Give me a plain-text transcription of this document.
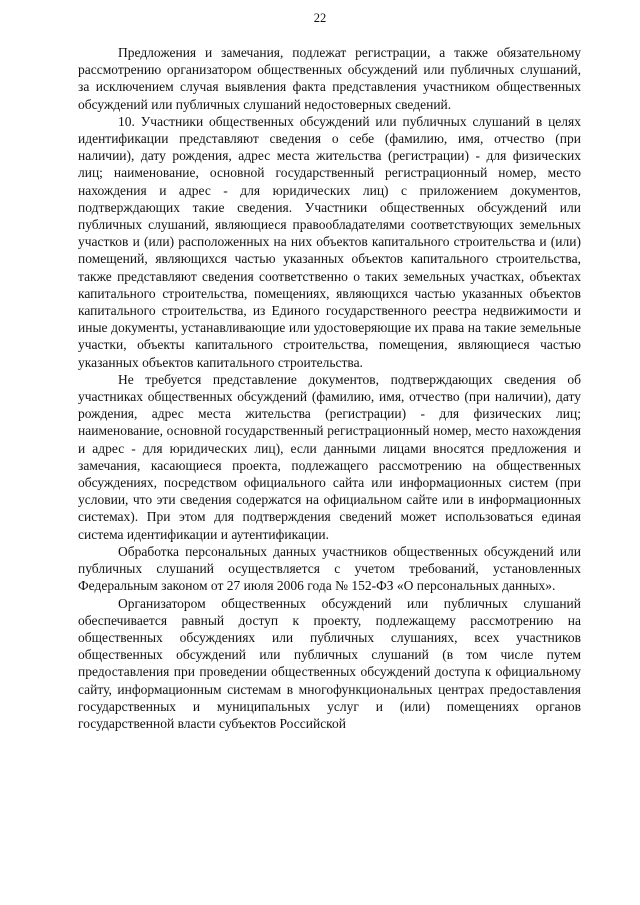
22

Предложения и замечания, подлежат регистрации, а также обязательному рассмотрению организатором общественных обсуждений или публичных слушаний, за исключением случая выявления факта представления участником общественных обсуждений или публичных слушаний недостоверных сведений.

10. Участники общественных обсуждений или публичных слушаний в целях идентификации представляют сведения о себе (фамилию, имя, отчество (при наличии), дату рождения, адрес места жительства (регистрации) - для физических лиц; наименование, основной государственный регистрационный номер, место нахождения и адрес - для юридических лиц) с приложением документов, подтверждающих такие сведения. Участники общественных обсуждений или публичных слушаний, являющиеся правообладателями соответствующих земельных участков и (или) расположенных на них объектов капитального строительства и (или) помещений, являющихся частью указанных объектов капитального строительства, также представляют сведения соответственно о таких земельных участках, объектах капитального строительства, помещениях, являющихся частью указанных объектов капитального строительства, из Единого государственного реестра недвижимости и иные документы, устанавливающие или удостоверяющие их права на такие земельные участки, объекты капитального строительства, помещения, являющиеся частью указанных объектов капитального строительства.

Не требуется представление документов, подтверждающих сведения об участниках общественных обсуждений (фамилию, имя, отчество (при наличии), дату рождения, адрес места жительства (регистрации) - для физических лиц; наименование, основной государственный регистрационный номер, место нахождения и адрес - для юридических лиц), если данными лицами вносятся предложения и замечания, касающиеся проекта, подлежащего рассмотрению на общественных обсуждениях, посредством официального сайта или информационных систем (при условии, что эти сведения содержатся на официальном сайте или в информационных системах). При этом для подтверждения сведений может использоваться единая система идентификации и аутентификации.

Обработка персональных данных участников общественных обсуждений или публичных слушаний осуществляется с учетом требований, установленных Федеральным законом от 27 июля 2006 года № 152-ФЗ «О персональных данных».

Организатором общественных обсуждений или публичных слушаний обеспечивается равный доступ к проекту, подлежащему рассмотрению на общественных обсуждениях или публичных слушаниях, всех участников общественных обсуждений или публичных слушаний (в том числе путем предоставления при проведении общественных обсуждений доступа к официальному сайту, информационным системам в многофункциональных центрах предоставления государственных и муниципальных услуг и (или) помещениях органов государственной власти субъектов Российской
